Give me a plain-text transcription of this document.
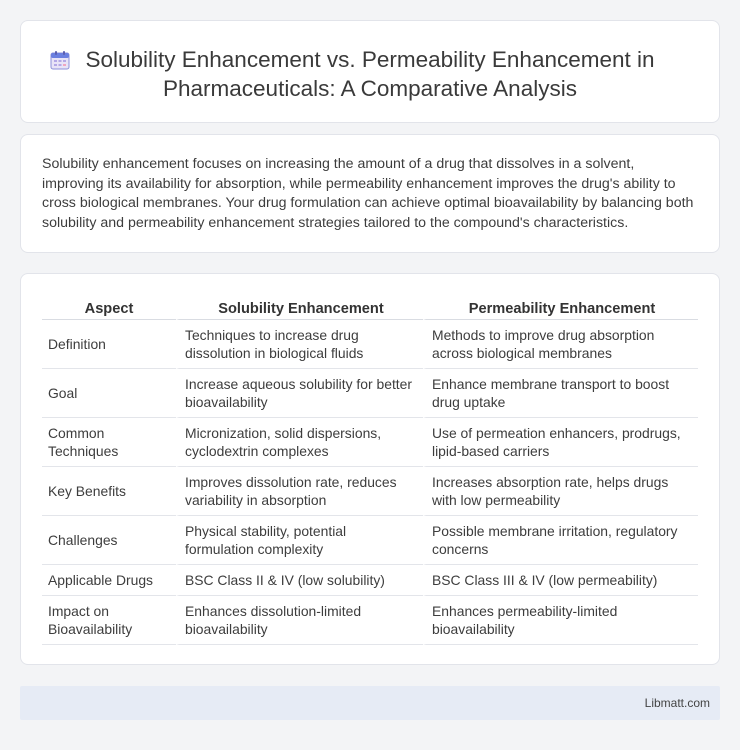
Solubility Enhancement vs. Permeability Enhancement in Pharmaceuticals: A Comparative Analysis

Solubility enhancement focuses on increasing the amount of a drug that dissolves in a solvent, improving its availability for absorption, while permeability enhancement improves the drug's ability to cross biological membranes. Your drug formulation can achieve optimal bioavailability by balancing both solubility and permeability enhancement strategies tailored to the compound's characteristics.

Aspect	Solubility Enhancement	Permeability Enhancement
Definition	Techniques to increase drug dissolution in biological fluids	Methods to improve drug absorption across biological membranes
Goal	Increase aqueous solubility for better bioavailability	Enhance membrane transport to boost drug uptake
Common Techniques	Micronization, solid dispersions, cyclodextrin complexes	Use of permeation enhancers, prodrugs, lipid-based carriers
Key Benefits	Improves dissolution rate, reduces variability in absorption	Increases absorption rate, helps drugs with low permeability
Challenges	Physical stability, potential formulation complexity	Possible membrane irritation, regulatory concerns
Applicable Drugs	BSC Class II & IV (low solubility)	BSC Class III & IV (low permeability)
Impact on Bioavailability	Enhances dissolution-limited bioavailability	Enhances permeability-limited bioavailability
Libmatt.com
